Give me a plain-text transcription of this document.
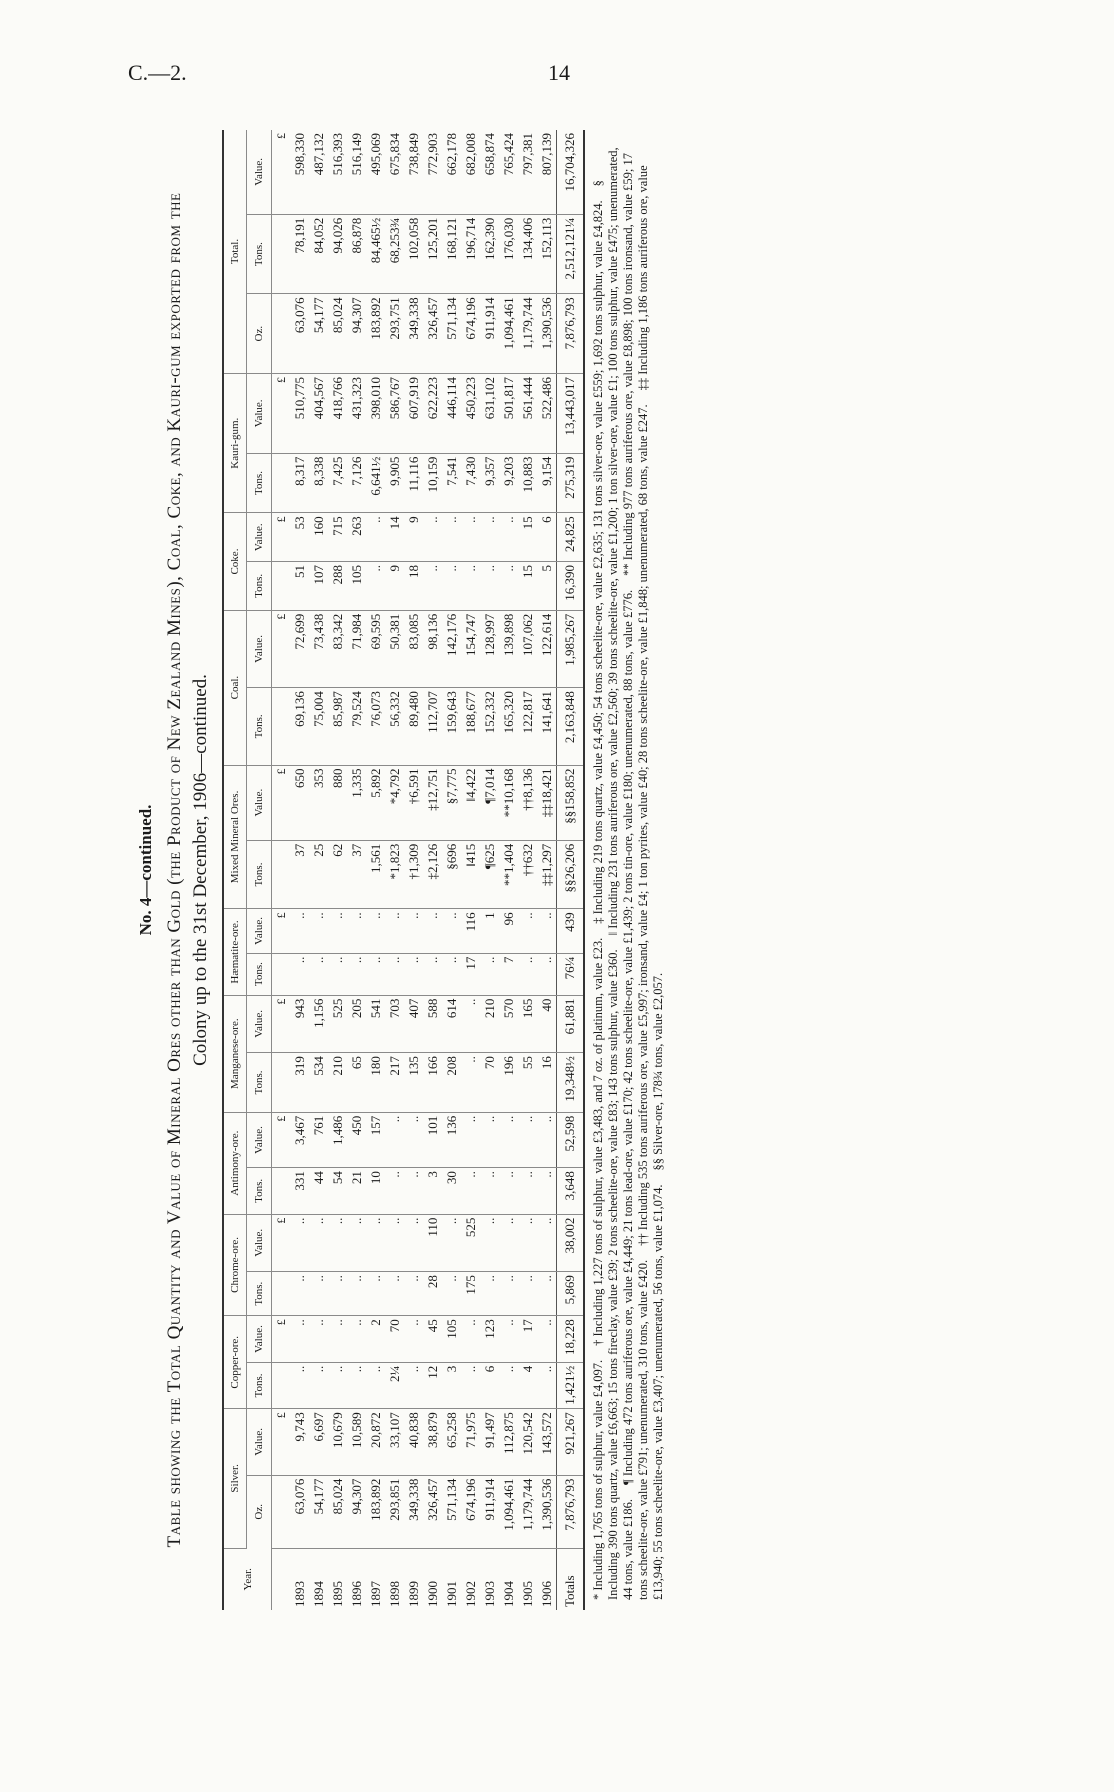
C.—2.	14
No. 4—continued. Table showing the Total Quantity and Value of Mineral Ores other than Gold (the Product of New Zealand Mines), Coal, Coke, and Kauri-gum exported from the Colony up to the 31st December, 1906—continued.
Year.	Silver.		Copper-ore.		Chrome-ore.		Antimony-ore.		Manganese-ore.		Hæmatite-ore.		Mixed Mineral Ores.		Coal.		Coke.		Kauri-gum.		Total.		
	Oz.	Value.	Tons.	Value.	Tons.	Value.	Tons.	Value.	Tons.	Value.	Tons.	Value.	Tons.	Value.	Tons.	Value.	Tons.	Value.	Tons.	Value.	Oz.	Tons.	Value.
		£		£		£		£		£		£		£		£		£		£			£
1893	63,076	9,743	..	..	..	..	331	3,467	319	943	..	..	37	650	69,136	72,699	51	53	8,317	510,775	63,076	78,191	598,330
1894	54,177	6,697	..	..	..	..	44	761	534	1,156	..	..	25	353	75,004	73,438	107	160	8,338	404,567	54,177	84,052	487,132
1895	85,024	10,679	..	..	..	..	54	1,486	210	525	..	..	62	880	85,987	83,342	288	715	7,425	418,766	85,024	94,026	516,393
1896	94,307	10,589	..	..	..	..	21	450	65	205	..	..	37	1,335	79,524	71,984	105	263	7,126	431,323	94,307	86,878	516,149
1897	183,892	20,872	..	2	..	..	10	157	180	541	..	..	1,561	5,892	76,073	69,595	..	..	6,641½	398,010	183,892	84,465½	495,069
1898	293,851	33,107	2¼	70	..	..	..	..	217	703	..	..	*1,823	*4,792	56,332	50,381	9	14	9,905	586,767	293,751	68,253¾	675,834
1899	349,338	40,838	..	..	..	..	..	..	135	407	..	..	†1,309	†6,591	89,480	83,085	18	9	11,116	607,919	349,338	102,058	738,849
1900	326,457	38,879	12	45	28	110	3	101	166	588	..	..	‡2,126	‡12,751	112,707	98,136	..	..	10,159	622,223	326,457	125,201	772,903
1901	571,134	65,258	3	105	..	..	30	136	208	614	..	..	§696	§7,775	159,643	142,176	..	..	7,541	446,114	571,134	168,121	662,178
1902	674,196	71,975	..	..	175	525	..	..	..	..	17	116	‖415	‖4,422	188,677	154,747	..	..	7,430	450,223	674,196	196,714	682,008
1903	911,914	91,497	6	123	..	..	..	..	70	210	..	1	¶625	¶7,014	152,332	128,997	..	..	9,357	631,102	911,914	162,390	658,874
1904	1,094,461	112,875	..	..	..	..	..	..	196	570	7	96	**1,404	**10,168	165,320	139,898	..	..	9,203	501,817	1,094,461	176,030	765,424
1905	1,179,744	120,542	4	17	..	..	..	..	55	165	..	..	††632	††8,136	122,817	107,062	15	15	10,883	561,444	1,179,744	134,406	797,381
1906	1,390,536	143,572	..	..	..	..	..	..	16	40	..	..	‡‡1,297	‡‡18,421	141,641	122,614	5	6	9,154	522,486	1,390,536	152,113	807,139
Totals	7,876,793	921,267	1,421½	18,228	5,869	38,002	3,648	52,598	19,348½	61,881	76¼	439	§§26,206	§§158,852	2,163,848	1,985,267	16,390	24,825	275,319	13,443,017	7,876,793	2,512,121¼	16,704,326

* Including 1,765 tons of sulphur, value £4,097.† Including 1,227 tons of sulphur, value £3,483, and 7 oz. of platinum, value £23.‡ Including 219 tons quartz, value £4,450; 54 tons scheelite-ore, value £2,635; 131 tons silver-ore, value £559; 1,692 tons sulphur, value £4,824.§ Including 390 tons quartz, value £6,663; 15 tons fireclay, value £39; 2 tons scheelite-ore, value £83; 143 tons sulphur, value £360.‖ Including 231 tons auriferous ore, value £2,560; 39 tons scheelite-ore, value £1,200; 1 ton silver-ore, value £1; 100 tons sulphur, value £475; unenumerated, 44 tons, value £186.¶ Including 472 tons auriferous ore, value £4,449; 21 tons lead-ore, value £170; 42 tons scheelite-ore, value £1,439; 2 tons tin-ore, value £180; unenumerated, 88 tons, value £776.** Including 977 tons auriferous ore, value £8,898; 100 tons ironsand, value £59; 17 tons scheelite-ore, value £791; unenumerated, 310 tons, value £420.†† Including 535 tons auriferous ore, value £5,997; ironsand, value £4; 1 ton pyrites, value £40; 28 tons scheelite-ore, value £1,848; unenumerated, 68 tons, value £247.‡‡ Including 1,186 tons auriferous ore, value £13,940; 55 tons scheelite-ore, value £3,407; unenumerated, 56 tons, value £1,074.§§ Silver-ore, 178¾ tons, value £2,057.
